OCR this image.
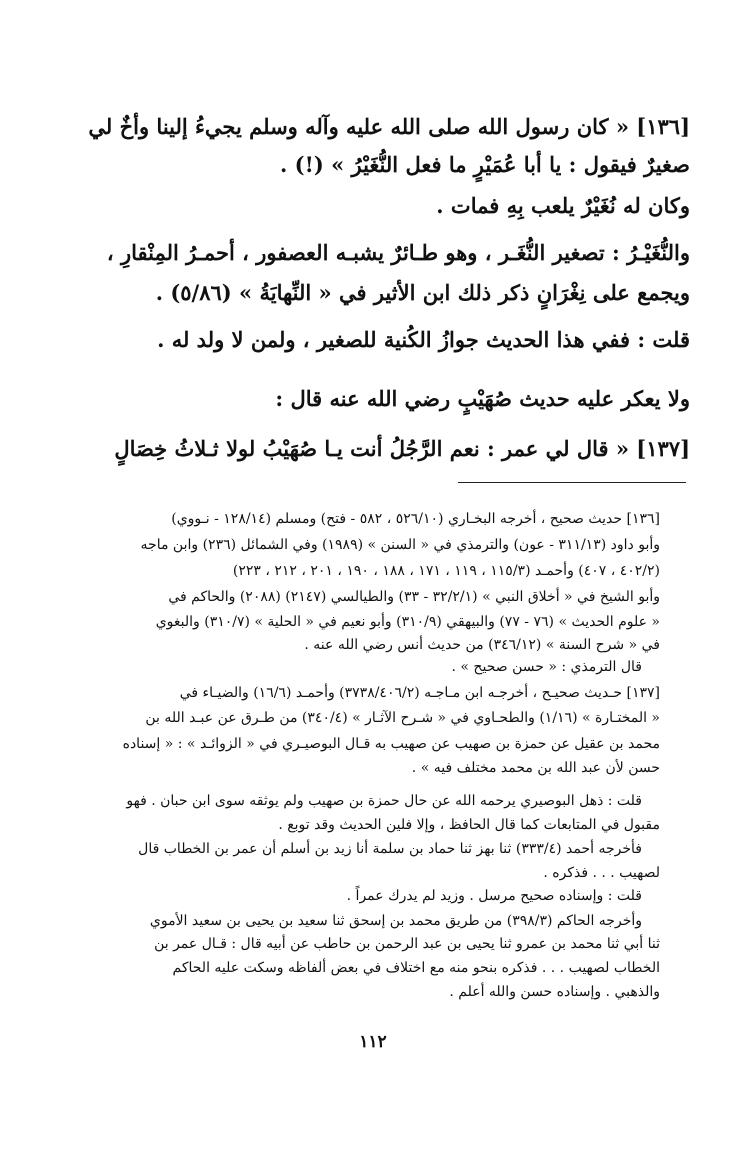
[١٣٦] « كان رسول الله صلى الله عليه وآله وسلم يجيءُ إلينا وأخٌ لي
صغيرٌ فيقول : يا أبا عُمَيْرٍ ما فعل النُّغَيْرُ » (!) .
وكان له نُغَيْرٌ يلعب بِهِ فمات .
والنُّغَيْـرُ : تصغير النُّغَـر ، وهو طـائرٌ يشبـه العصفور ، أحمـرُ المِنْقارِ ،
ويجمع على نِغْرَانٍ ذكر ذلك ابن الأثير في « النِّهايَةُ » (٥/٨٦) .
قلت : ففي هذا الحديث جوازُ الكُنية للصغير ، ولمن لا ولد له .
ولا يعكر عليه حديث صُهَيْبٍ رضي الله عنه قال :
[١٣٧] « قال لي عمر : نعم الرَّجُلُ أنت يـا صُهَيْبُ لولا ثـلاثُ خِصَالٍ
[١٣٦] حديث صحيح ، أخرجه البخـاري (٥٢٦/١٠ ، ٥٨٢ - فتح) ومسلم (١٢٨/١٤ - نـووي)
وأبو داود (٣١١/١٣ - عون) والترمذي في « السنن » (١٩٨٩) وفي الشمائل (٢٣٦) وابن ماجه
(٤٠٢/٢ ، ٤٠٧) وأحمـد (١١٥/٣ ، ١١٩ ، ١٧١ ، ١٨٨ ، ١٩٠ ، ٢٠١ ، ٢١٢ ، ٢٢٣)
وأبو الشيخ في « أخلاق النبي » (٣٢/٢/١ - ٣٣) والطيالسي (٢١٤٧) (٢٠٨٨) والحاكم في
« علوم الحديث » (٧٦ - ٧٧) والبيهقي (٣١٠/٩) وأبو نعيم في « الحلية » (٣١٠/٧) والبغوي
في « شرح السنة » (٣٤٦/١٢) من حديث أنس رضي الله عنه .
قال الترمذي : « حسن صحيح » .
[١٣٧] حـديث صحيـح ، أخرجـه ابن مـاجـه (٣٧٣٨/٤٠٦/٢) وأحمـد (١٦/٦) والضيـاء في
« المختـارة » (١/١٦) والطحـاوي في « شـرح الآثـار » (٣٤٠/٤) من طـرق عن عبـد الله بن
محمد بن عقيل عن حمزة بن صهيب عن صهيب به قـال البوصيـري في « الزوائـد » : « إسناده
حسن لأن عبد الله بن محمد مختلف فيه » .
قلت : ذهل البوصيري يرحمه الله عن حال حمزة بن صهيب ولم يوثقه سوى ابن حبان . فهو
مقبول في المتابعات كما قال الحافظ ، وإلا فلين الحديث وقد توبع .
فأخرجه أحمد (٣٣٣/٤) ثنا بهز ثنا حماد بن سلمة أنا زيد بن أسلم أن عمر بن الخطاب قال
لصهيب . . . فذكره .
قلت : وإسناده صحيح مرسل . وزيد لم يدرك عمراً .
وأخرجه الحاكم (٣٩٨/٣) من طريق محمد بن إسحق ثنا سعيد بن يحيى بن سعيد الأموي
ثنا أبي ثنا محمد بن عمرو ثنا يحيى بن عبد الرحمن بن حاطب عن أبيه قال : قـال عمر بن
الخطاب لصهيب . . . فذكره بنحو منه مع اختلاف في بعض ألفاظه وسكت عليه الحاكم
والذهبي . وإسناده حسن والله أعلم .
١١٢
